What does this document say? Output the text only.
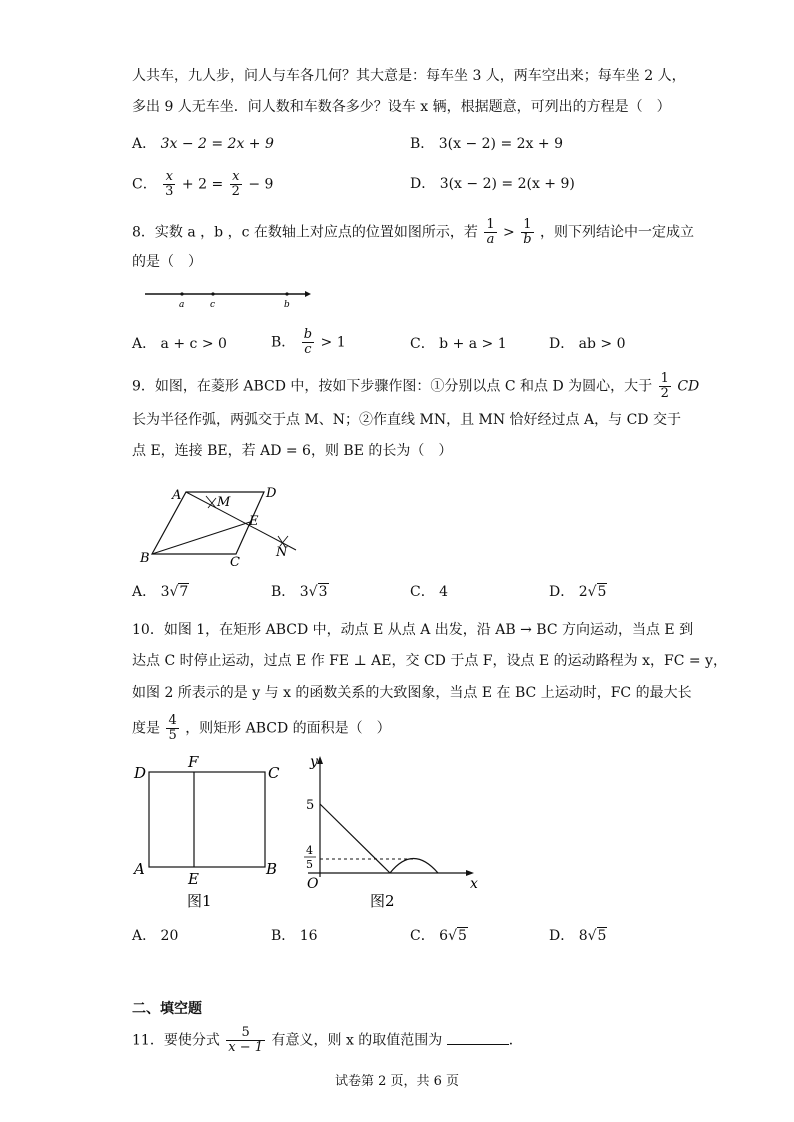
人共车，九人步，问人与车各几何？其大意是：每车坐 3 人，两车空出来；每车坐 2 人，
多出 9 人无车坐．问人数和车数各多少？设车 x 辆，根据题意，可列出的方程是（　）
A． 3x − 2 = 2x + 9	B． 3(x − 2) = 2x + 9
C． $\frac{x}{3} + 2 = \frac{x}{2} - 9$	D． 3(x − 2) = 2(x + 9)
8．实数 a ，b ，c 在数轴上对应点的位置如图所示，若 $\frac{1}{a} > \frac{1}{b}$ ，则下列结论中一定成立
的是（　）
a	c	b
A． a + c > 0	B． $\frac{b}{c} > 1$	C． b + a > 1	D． ab > 0
9．如图，在菱形 ABCD 中，按如下步骤作图：①分别以点 C 和点 D 为圆心，大于 $\frac{1}{2}$ CD
长为半径作弧，两弧交于点 M、N；②作直线 MN，且 MN 恰好经过点 A，与 CD 交于
点 E，连接 BE，若 AD = 6，则 BE 的长为（　）
A	D
M
E
B	C
N
A． 3√7	B． 3√3	C． 4	D． 2√5
10．如图 1，在矩形 ABCD 中，动点 E 从点 A 出发，沿 AB → BC 方向运动，当点 E 到
达点 C 时停止运动，过点 E 作 FE ⊥ AE，交 CD 于点 F，设点 E 的运动路程为 x，FC = y，
如图 2 所表示的是 y 与 x 的函数关系的大致图象，当点 E 在 BC 上运动时，FC 的最大长
度是 $\frac{4}{5}$ ，则矩形 ABCD 的面积是（　）
D
F
C
A
E
B
图1
y
5
4
5
O	x
图2
A． 20	B． 16	C． 6√5	D． 8√5
二、填空题
11．要使分式 $\frac{5}{x - 1}$ 有意义，则 x 的取值范围为	．
试卷第 2 页，共 6 页
